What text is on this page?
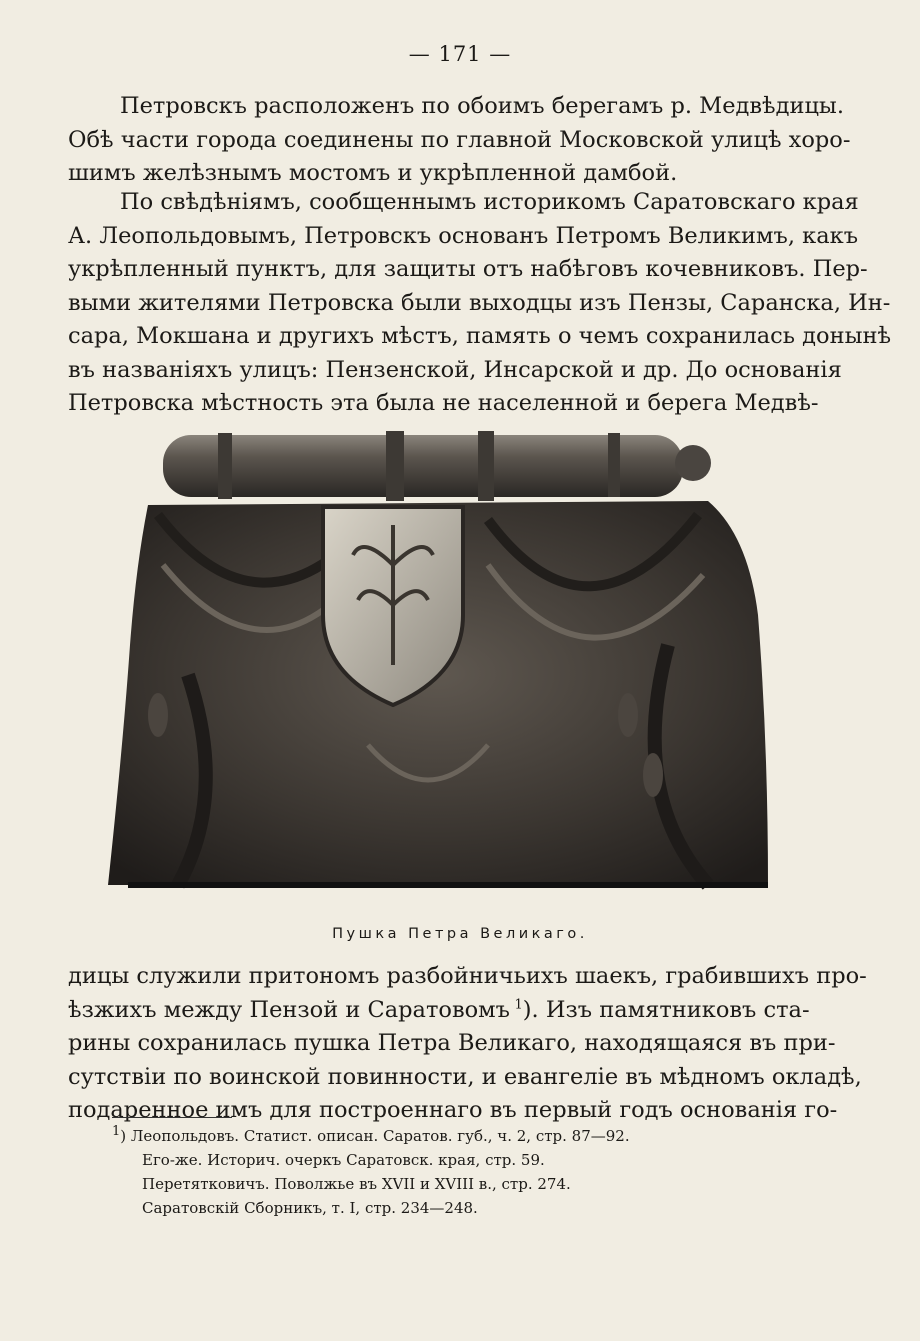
— 171 —

Петровскъ расположенъ по обоимъ берегамъ р. Медвѣдицы.
Обѣ части города соединены по главной Московской улицѣ хоро-
шимъ желѣзнымъ мостомъ и укрѣпленной дамбой.

По свѣдѣніямъ, сообщеннымъ историкомъ Саратовскаго края
А. Леопольдовымъ, Петровскъ основанъ Петромъ Великимъ, какъ
укрѣпленный пунктъ, для защиты отъ набѣговъ кочевниковъ. Пер-
выми жителями Петровска были выходцы изъ Пензы, Саранска, Ин-
сара, Мокшана и другихъ мѣстъ, память о чемъ сохранилась донынѣ
въ названіяхъ улицъ: Пензенской, Инсарской и др. До основанія
Петровска мѣстность эта была не населенной и берега Медвѣ-

Пушка Петра Великаго.

дицы служили притономъ разбойничьихъ шаекъ, грабившихъ про-
ѣзжихъ между Пензой и Саратовомъ  $^1$). Изъ памятниковъ ста-
рины сохранилась пушка Петра Великаго, находящаяся въ при-
сутствіи по воинской повинности, и евангеліе въ мѣдномъ окладѣ,
подаренное имъ для построеннаго въ первый годъ основанія го-

$^1$) Леопольдовъ. Статист. описан. Саратов. губ., ч. 2, стр. 87—92.
Его-же. Историч. очеркъ Саратовск. края, стр. 59.
Перетятковичъ. Поволжье въ XVII и XVIII в., стр. 274.
Саратовскій Сборникъ, т. I, стр. 234—248.
